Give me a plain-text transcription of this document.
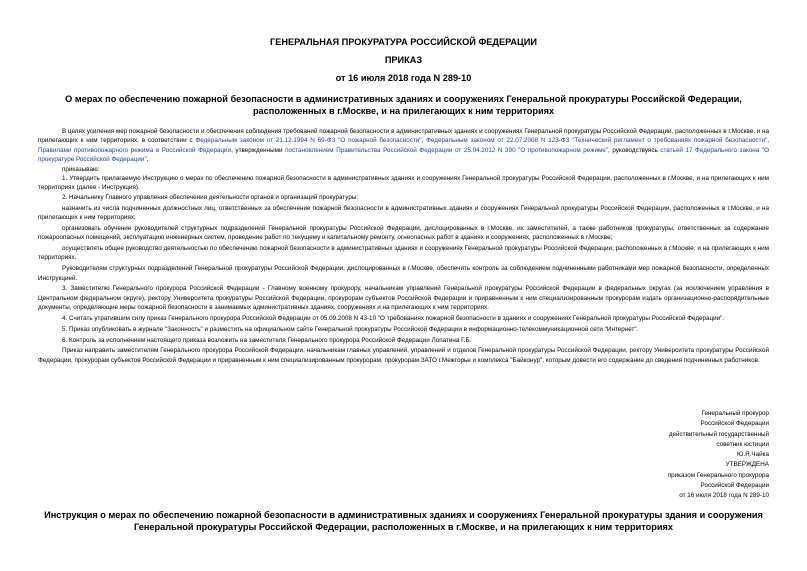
ГЕНЕРАЛЬНАЯ ПРОКУРАТУРА РОССИЙСКОЙ ФЕДЕРАЦИИ
ПРИКАЗ
от 16 июля 2018 года N 289-10
О мерах по обеспечению пожарной безопасности в административных зданиях и сооружениях Генеральной прокуратуры Российской Федерации, расположенных в г.Москве, и на прилегающих к ним территориях

В целях усиления мер пожарной безопасности и обеспечения соблюдения требований пожарной безопасности в административных зданиях и сооружениях Генеральной прокуратуры Российской Федерации, расположенных в г.Москве, и на прилегающих к ним территориях, в соответствии с Федеральным законом от 21.12.1994 N 69-ФЗ "О пожарной безопасности", Федеральным законом от 22.07.2008 N 123-ФЗ "Технический регламент о требованиях пожарной безопасности", Правилами противопожарного режима в Российской Федерации, утвержденными постановлением Правительства Российской Федерации от 25.04.2012 N 390 "О противопожарном режиме", руководствуясь статьей 17 Федерального закона "О прокуратуре Российской Федерации",

приказываю:

1. Утвердить прилагаемую Инструкцию о мерах по обеспечению пожарной безопасности в административных зданиях и сооружениях Генеральной прокуратуры Российской Федерации, расположенных в г.Москве, и на прилегающих к ним территориях (далее - Инструкция).

2. Начальнику Главного управления обеспечения деятельности органов и организаций прокуратуры:

назначить из числа подчиненных должностных лиц, ответственных за обеспечение пожарной безопасности в административных зданиях и сооружениях Генеральной прокуратуры Российской Федерации, расположенных в г.Москве, и на прилегающих к ним территориях;

организовать обучение руководителей структурных подразделений Генеральной прокуратуры Российской Федерации, дислоцированных в г.Москве, их заместителей, а также работников прокуратуры, ответственных за содержание пожароопасных помещений, эксплуатацию инженерных систем, проведение работ по текущему и капитальному ремонту, огнеопасных работ в зданиях и сооружениях, расположенных в г.Москве;

осуществлять общее руководство деятельностью по обеспечению пожарной безопасности в административных зданиях и сооружениях Генеральной прокуратуры Российской Федерации, расположенных в г.Москве, и на прилегающих к ним территориях.

Руководителям структурных подразделений Генеральной прокуратуры Российской Федерации, дислоцированных в г.Москве, обеспечить контроль за соблюдением подчиненными работниками мер пожарной безопасности, определенных Инструкцией.

3. Заместителю Генерального прокурора Российской Федерации - Главному военному прокурору, начальникам управлений Генеральной прокуратуры Российской Федерации в федеральных округах (за исключением управления в Центральном федеральном округе), ректору Университета прокуратуры Российской Федерации, прокурорам субъектов Российской Федерации и приравненным к ним специализированным прокурорам издать организационно-распорядительные документы, определяющие меры пожарной безопасности в занимаемых административных зданиях, сооружениях и на прилегающих к ним территориях.

4. Считать утратившим силу приказ Генерального прокурора Российской Федерации от 05.09.2008 N 43-10 "О требованиях пожарной безопасности в зданиях и сооружениях Генеральной прокуратуры Российской Федерации".

5. Приказ опубликовать в журнале "Законность" и разместить на официальном сайте Генеральной прокуратуры Российской Федерации в информационно-телекоммуникационной сети "Интернет".

6. Контроль за исполнением настоящего приказа возложить на заместителя Генерального прокурора Российской Федерации Лопатина Г.Б.

Приказ направить заместителям Генерального прокурора Российской Федерации, начальникам главных управлений, управлений и отделов Генеральной прокуратуры Российской Федерации, ректору Университета прокуратуры Российской Федерации, прокурорам субъектов Российской Федерации и приравненным к ним специализированным прокурорам, прокурорам ЗАТО г.Межгорье и комплекса "Байконур", которым довести его содержание до сведения подчиненных работников.

Генеральный прокурор
Российской Федерации
действительный государственный
советник юстиции
Ю.Я.Чайка
УТВЕРЖДЕНА
приказом Генерального прокурора
Российской Федерации
от 16 июля 2018 года N 289-10
Инструкция о мерах по обеспечению пожарной безопасности в административных зданиях и сооружениях Генеральной прокуратуры здания и сооружения Генеральной прокуратуры Российской Федерации, расположенных в г.Москве, и на прилегающих к ним территориях
